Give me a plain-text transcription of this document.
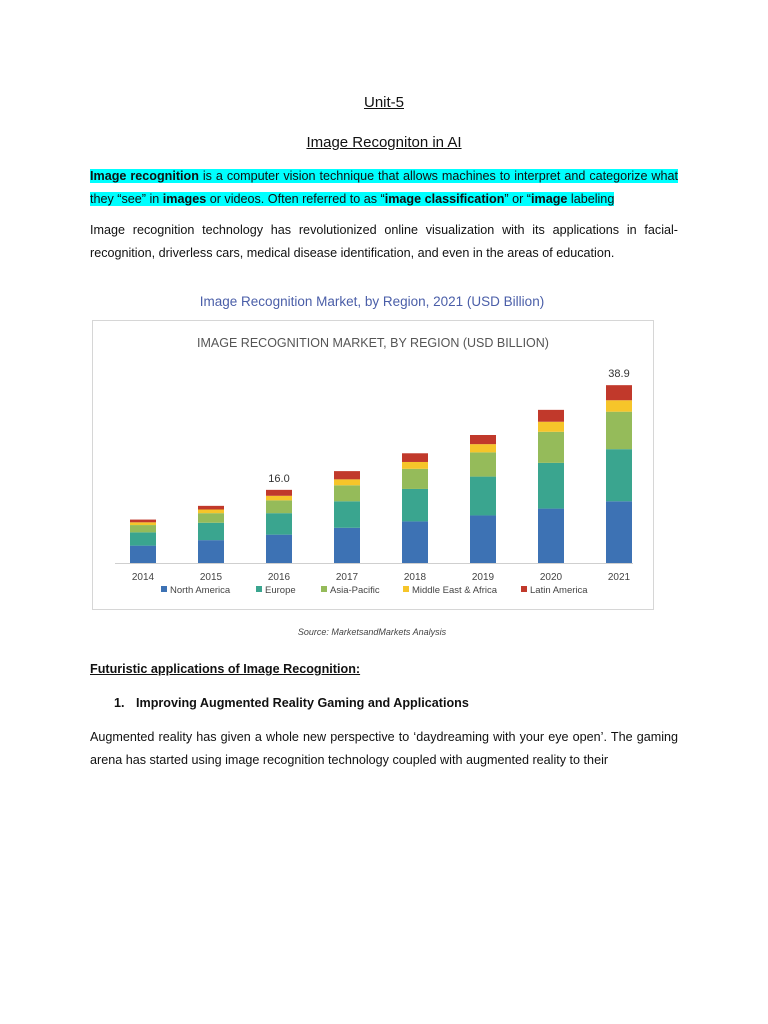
Unit-5
Image Recogniton in AI
Image recognition is a computer vision technique that allows machines to interpret and categorize what they “see” in images or videos. Often referred to as “image classification” or “image labeling
Image recognition technology has revolutionized online visualization with its applications in facial-recognition, driverless cars, medical disease identification, and even in the areas of education.
Image Recognition Market, by Region, 2021 (USD Billion)
IMAGE RECOGNITION MARKET, BY REGION (USD BILLION)
2014	2015	2016
16.0
2017	2018	2019	2020	2021
38.9
North America	Europe	Asia-Pacific	Middle East & Africa	Latin America
Source: MarketsandMarkets Analysis
Futuristic applications of Image Recognition:
1. Improving Augmented Reality Gaming and Applications
Augmented reality has given a whole new perspective to ‘daydreaming with your eye open’. The gaming arena has started using image recognition technology coupled with augmented reality to their
